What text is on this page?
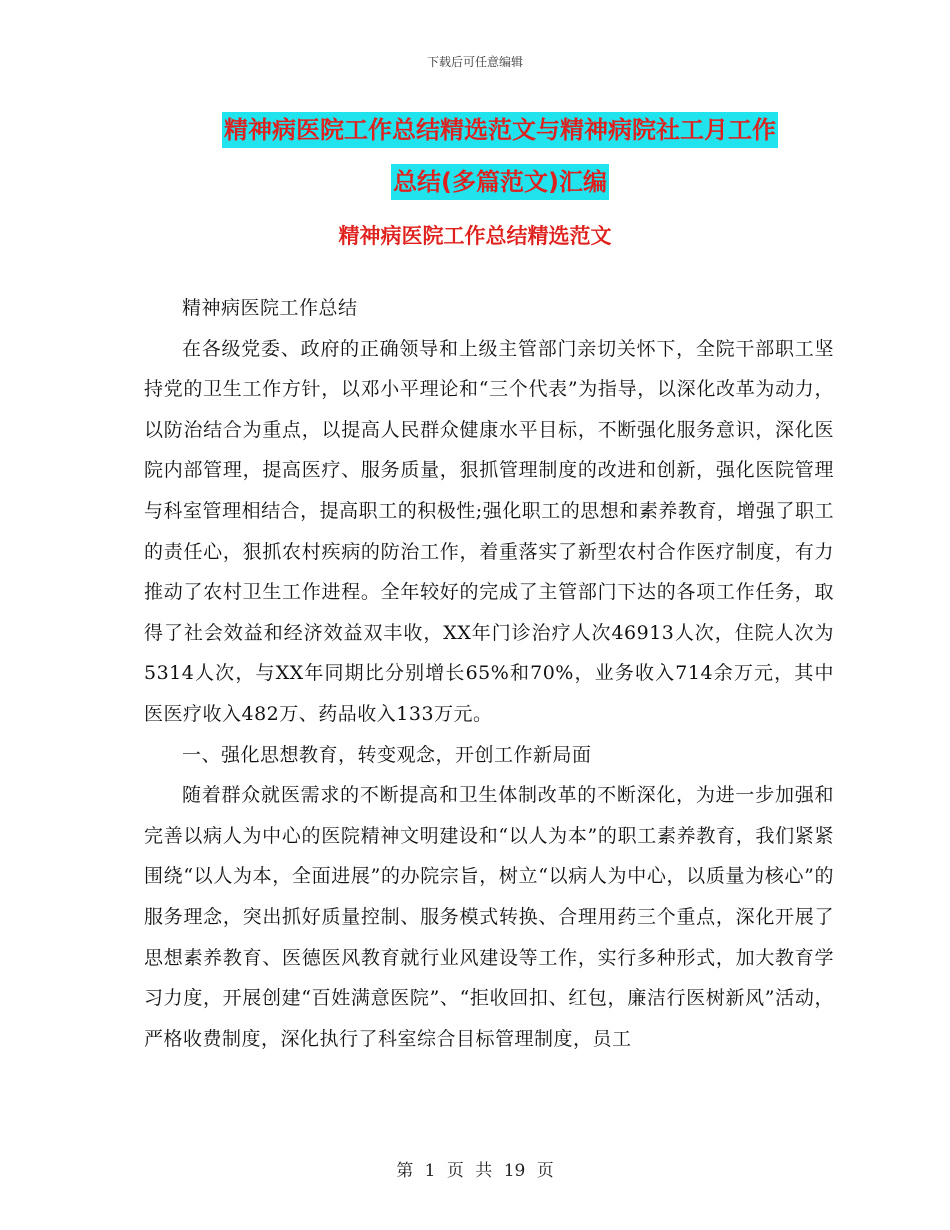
下载后可任意编辑
精神病医院工作总结精选范文与精神病院社工月工作
总结(多篇范文)汇编
精神病医院工作总结精选范文

精神病医院工作总结

在各级党委、政府的正确领导和上级主管部门亲切关怀下，全院干部职工坚持党的卫生工作方针，以邓小平理论和“三个代表”为指导，以深化改革为动力，以防治结合为重点，以提高人民群众健康水平目标，不断强化服务意识，深化医院内部管理，提高医疗、服务质量，狠抓管理制度的改进和创新，强化医院管理与科室管理相结合，提高职工的积极性;强化职工的思想和素养教育，增强了职工的责任心，狠抓农村疾病的防治工作，着重落实了新型农村合作医疗制度，有力推动了农村卫生工作进程。全年较好的完成了主管部门下达的各项工作任务，取得了社会效益和经济效益双丰收，XX年门诊治疗人次46913人次，住院人次为5314人次，与XX年同期比分别增长65%和70%，业务收入714余万元，其中医医疗收入482万、药品收入133万元。

一、强化思想教育，转变观念，开创工作新局面

随着群众就医需求的不断提高和卫生体制改革的不断深化，为进一步加强和完善以病人为中心的医院精神文明建设和“以人为本”的职工素养教育，我们紧紧围绕“以人为本，全面进展”的办院宗旨，树立“以病人为中心，以质量为核心”的服务理念，突出抓好质量控制、服务模式转换、合理用药三个重点，深化开展了思想素养教育、医德医风教育就行业风建设等工作，实行多种形式，加大教育学习力度，开展创建“百姓满意医院”、“拒收回扣、红包，廉洁行医树新风”活动，严格收费制度，深化执行了科室综合目标管理制度，员工

第 1 页 共 19 页
